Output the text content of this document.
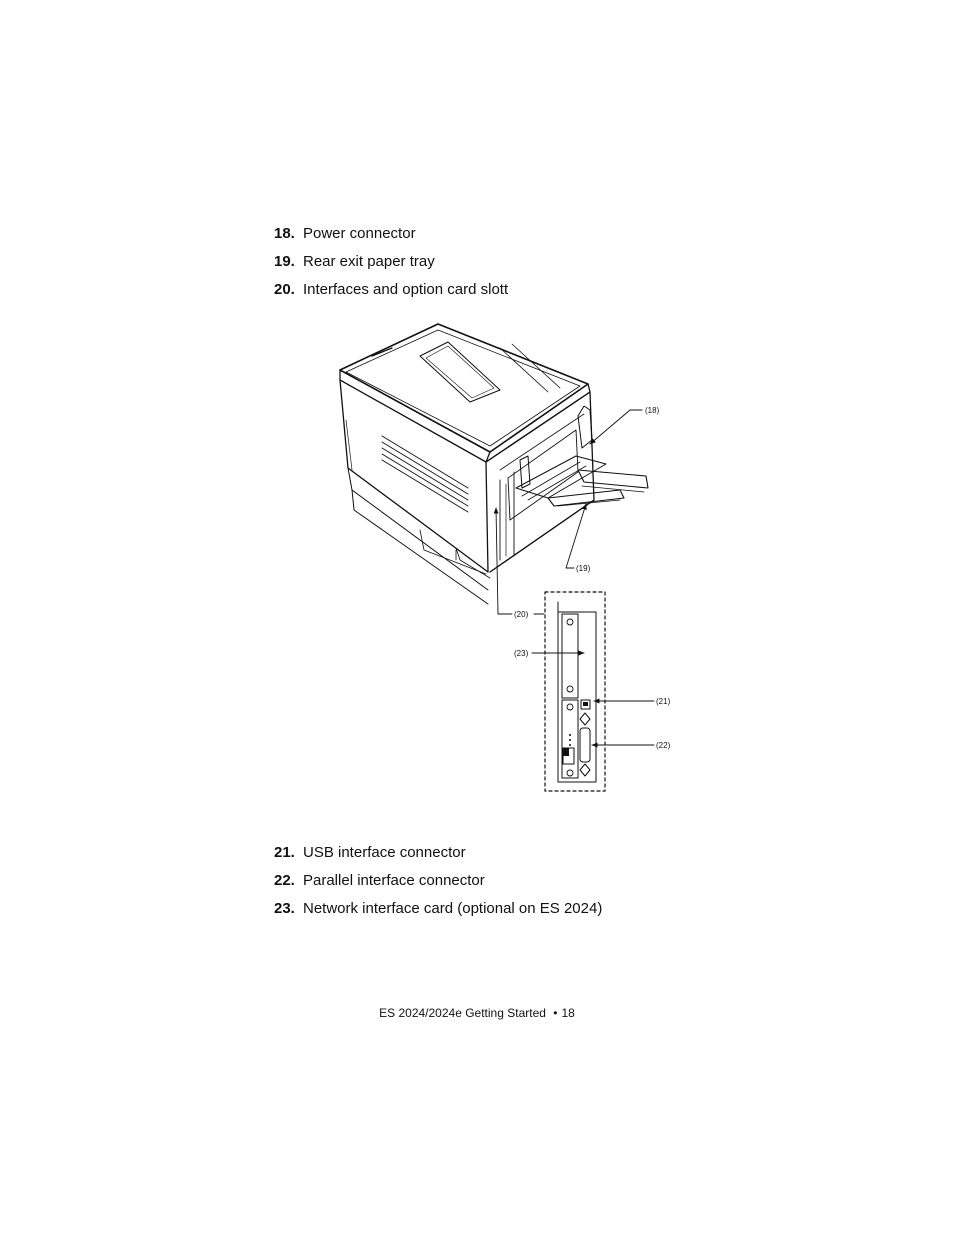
18. Power connector
19. Rear exit paper tray
20. Interfaces and option card slott
(18)
(19)
(20)
(21)
(22)
(23)
21. USB interface connector
22. Parallel interface connector
23. Network interface card (optional on ES 2024)
ES 2024/2024e Getting Started • 18
